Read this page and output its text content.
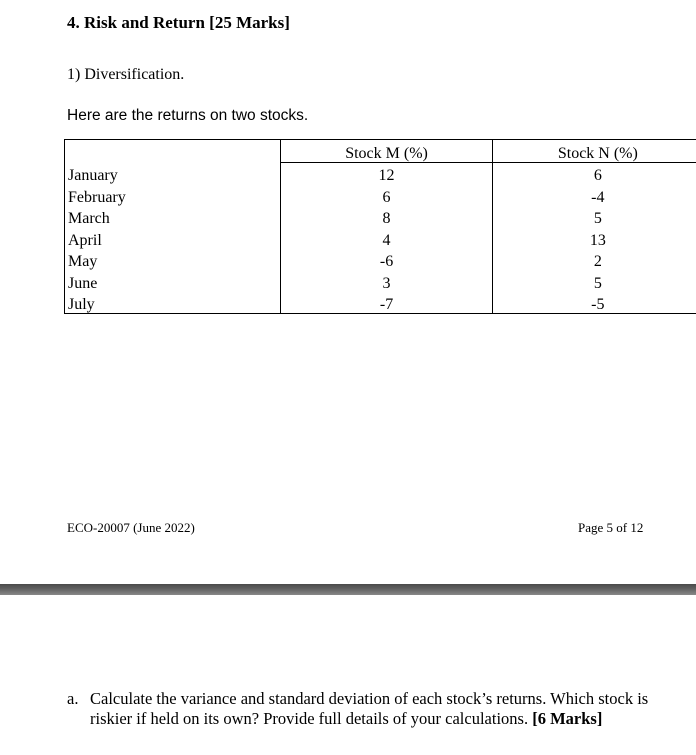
4. Risk and Return [25 Marks]
1) Diversification.
Here are the returns on two stocks.
	Stock M (%)	Stock N (%)
January	12	6
February	6	-4
March	8	5
April	4	13
May	-6	2
June	3	5
July	-7	-5
ECO-20007 (June 2022)	Page 5 of 12
a. Calculate the variance and standard deviation of each stock’s returns. Which stock is riskier if held on its own? Provide full details of your calculations. [6 Marks]
